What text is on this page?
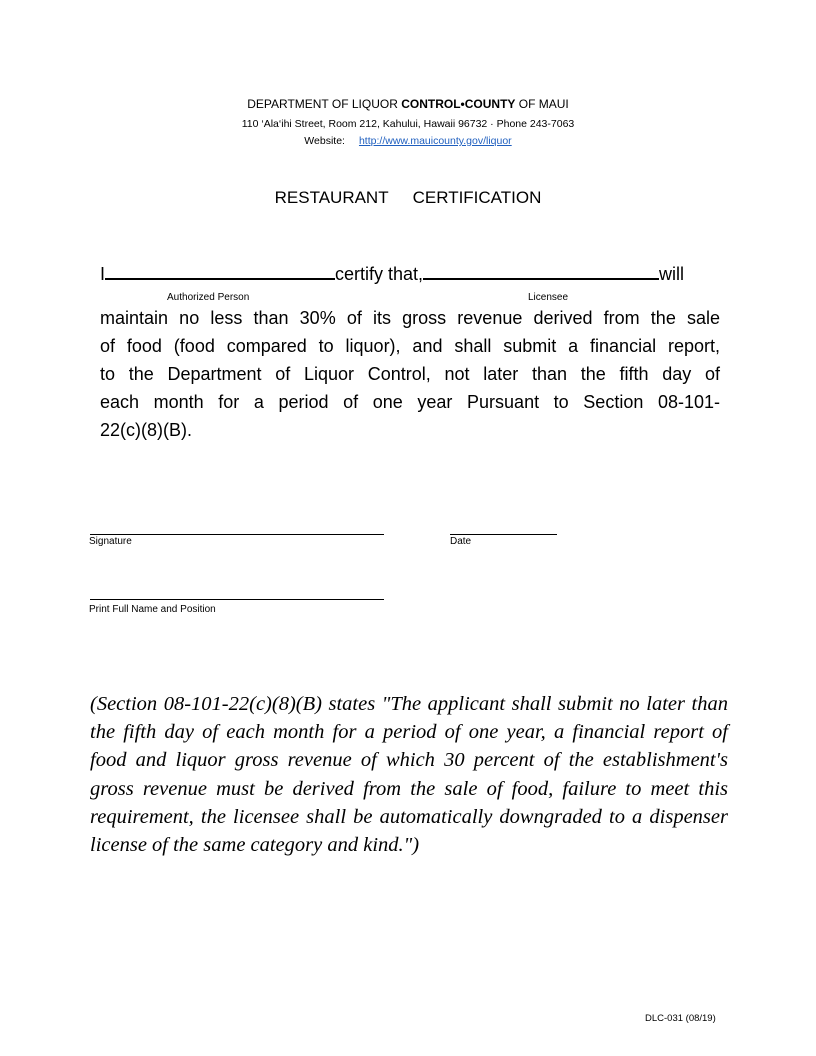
DEPARTMENT OF LIQUOR CONTROL•COUNTY OF MAUI
110 ‘Ala‘ihi Street, Room 212, Kahului, Hawaii 96732 · Phone 243-7063
Website: http://www.mauicounty.gov/liquor
RESTAURANT CERTIFICATION
I	certify that,	will
Authorized Person	Licensee
maintain no less than 30% of its gross revenue derived from the sale
of food (food compared to liquor), and shall submit a financial report,
to the Department of Liquor Control, not later than the fifth day of
each month for a period of one year Pursuant to Section 08-101-
22(c)(8)(B).
Signature	Date
Print Full Name and Position
(Section 08-101-22(c)(8)(B) states "The applicant shall submit no later than
the fifth day of each month for a period of one year, a financial report of
food and liquor gross revenue of which 30 percent of the establishment's
gross revenue must be derived from the sale of food, failure to meet this
requirement, the licensee shall be automatically downgraded to a dispenser
license of the same category and kind.")
DLC-031 (08/19)
